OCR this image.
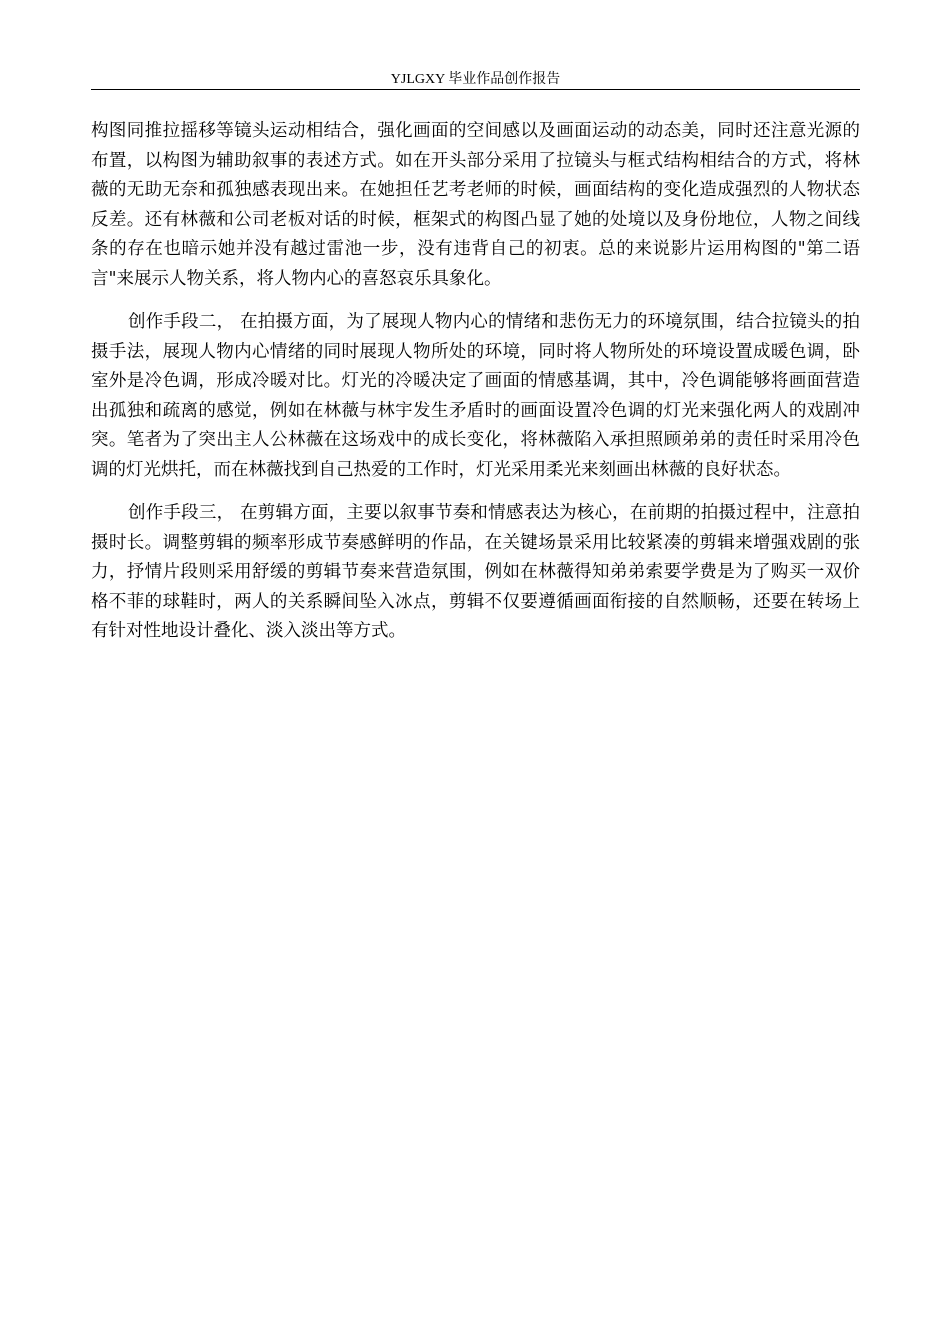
YJLGXY 毕业作品创作报告

构图同推拉摇移等镜头运动相结合，强化画面的空间感以及画面运动的动态美，同时还注意光源的布置，以构图为辅助叙事的表述方式。如在开头部分采用了拉镜头与框式结构相结合的方式，将林薇的无助无奈和孤独感表现出来。在她担任艺考老师的时候，画面结构的变化造成强烈的人物状态反差。还有林薇和公司老板对话的时候，框架式的构图凸显了她的处境以及身份地位，人物之间线条的存在也暗示她并没有越过雷池一步，没有违背自己的初衷。总的来说影片运用构图的"第二语言"来展示人物关系，将人物内心的喜怒哀乐具象化。

创作手段二， 在拍摄方面，为了展现人物内心的情绪和悲伤无力的环境氛围，结合拉镜头的拍摄手法，展现人物内心情绪的同时展现人物所处的环境，同时将人物所处的环境设置成暖色调，卧室外是冷色调，形成冷暖对比。灯光的冷暖决定了画面的情感基调，其中，冷色调能够将画面营造出孤独和疏离的感觉，例如在林薇与林宇发生矛盾时的画面设置冷色调的灯光来强化两人的戏剧冲突。笔者为了突出主人公林薇在这场戏中的成长变化，将林薇陷入承担照顾弟弟的责任时采用冷色调的灯光烘托，而在林薇找到自己热爱的工作时，灯光采用柔光来刻画出林薇的良好状态。

创作手段三， 在剪辑方面，主要以叙事节奏和情感表达为核心，在前期的拍摄过程中，注意拍摄时长。调整剪辑的频率形成节奏感鲜明的作品，在关键场景采用比较紧凑的剪辑来增强戏剧的张力，抒情片段则采用舒缓的剪辑节奏来营造氛围，例如在林薇得知弟弟索要学费是为了购买一双价格不菲的球鞋时，两人的关系瞬间坠入冰点，剪辑不仅要遵循画面衔接的自然顺畅，还要在转场上有针对性地设计叠化、淡入淡出等方式。
